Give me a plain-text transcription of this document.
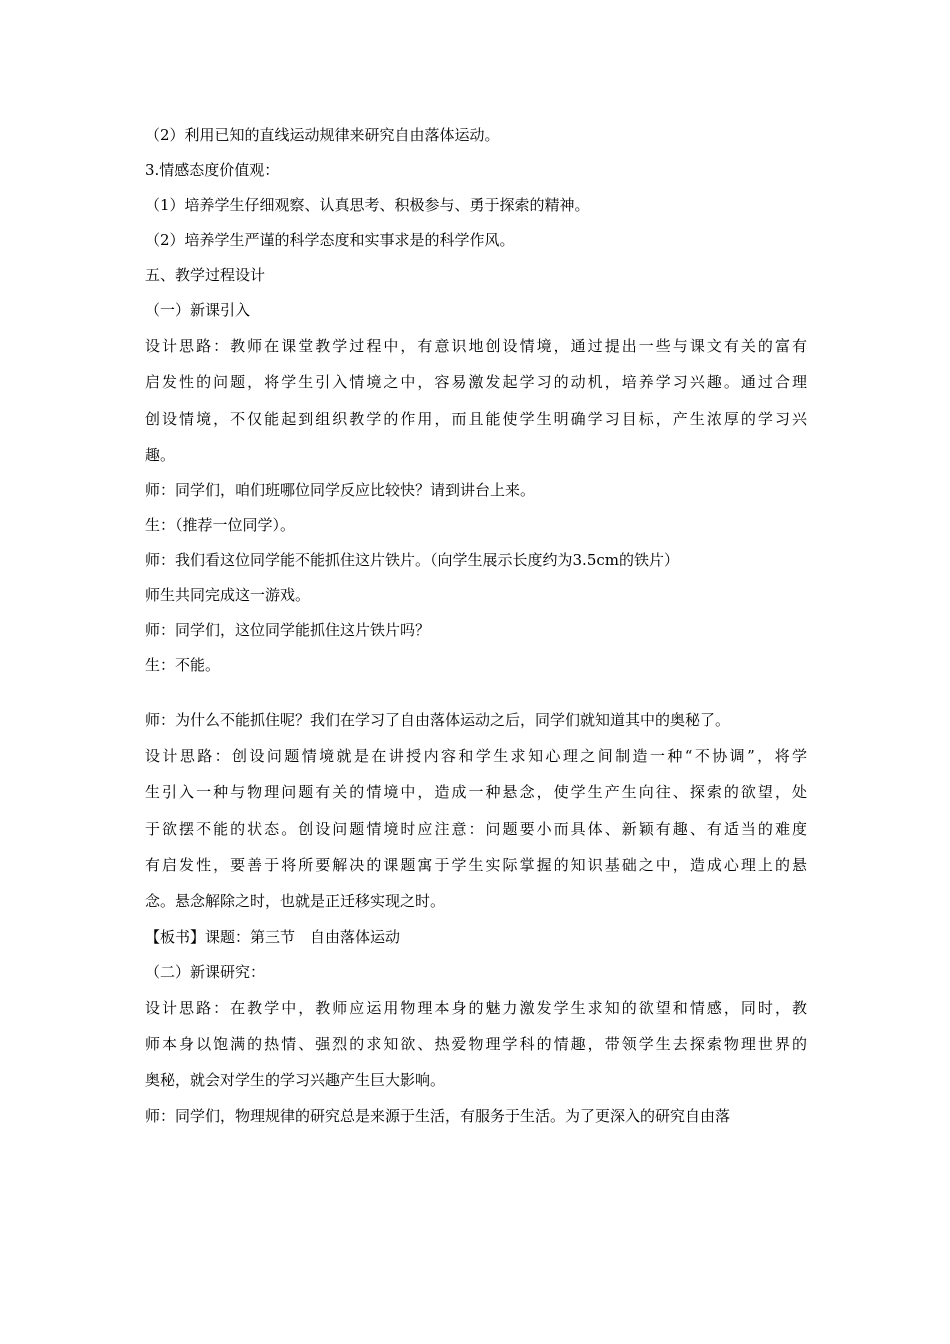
（2）利用已知的直线运动规律来研究自由落体运动。
3.情感态度价值观：
（1）培养学生仔细观察、认真思考、积极参与、勇于探索的精神。
（2）培养学生严谨的科学态度和实事求是的科学作风。
五、教学过程设计
（一）新课引入
设计思路：教师在课堂教学过程中，有意识地创设情境，通过提出一些与课文有关的富有
启发性的问题，将学生引入情境之中，容易激发起学习的动机，培养学习兴趣。通过合理
创设情境，不仅能起到组织教学的作用，而且能使学生明确学习目标，产生浓厚的学习兴
趣。
师：同学们，咱们班哪位同学反应比较快？请到讲台上来。
生：（推荐一位同学）。
师：我们看这位同学能不能抓住这片铁片。（向学生展示长度约为3.5cm的铁片）
师生共同完成这一游戏。
师：同学们，这位同学能抓住这片铁片吗？
生：不能。
师：为什么不能抓住呢？我们在学习了自由落体运动之后，同学们就知道其中的奥秘了。
设计思路：创设问题情境就是在讲授内容和学生求知心理之间制造一种“不协调”，将学
生引入一种与物理问题有关的情境中，造成一种悬念，使学生产生向往、探索的欲望，处
于欲摆不能的状态。创设问题情境时应注意：问题要小而具体、新颖有趣、有适当的难度
有启发性，要善于将所要解决的课题寓于学生实际掌握的知识基础之中，造成心理上的悬
念。悬念解除之时，也就是正迁移实现之时。
【板书】课题：第三节　自由落体运动
（二）新课研究：
设计思路：在教学中，教师应运用物理本身的魅力激发学生求知的欲望和情感，同时，教
师本身以饱满的热情、强烈的求知欲、热爱物理学科的情趣，带领学生去探索物理世界的
奥秘，就会对学生的学习兴趣产生巨大影响。
师：同学们，物理规律的研究总是来源于生活，有服务于生活。为了更深入的研究自由落
